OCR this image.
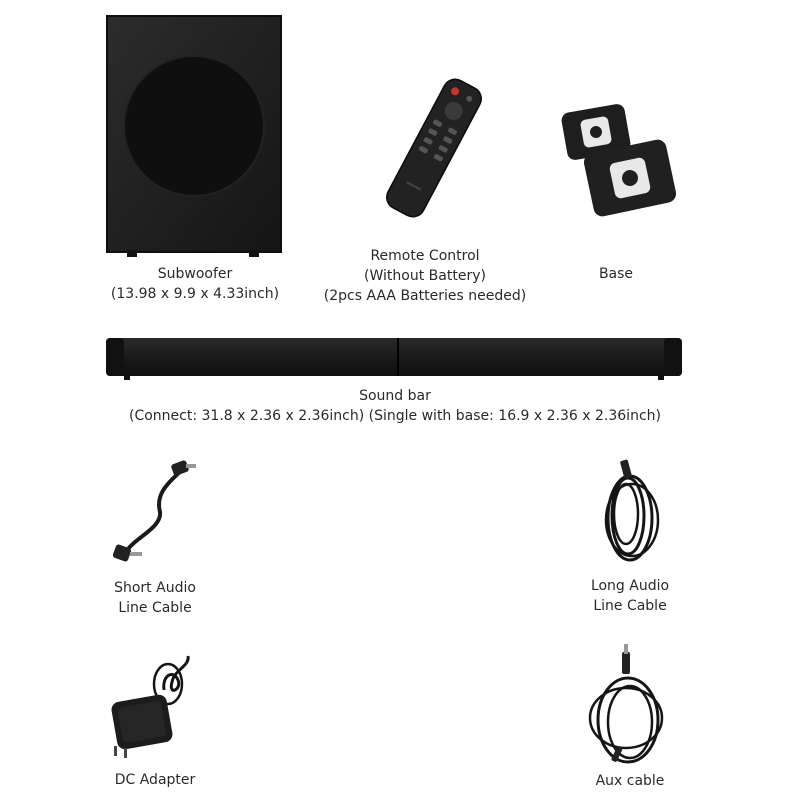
Subwoofer
(13.98 x 9.9 x 4.33inch)
Remote Control
(Without Battery)
(2pcs AAA Batteries needed)
Base
Sound bar
(Connect: 31.8 x 2.36 x 2.36inch) (Single with base: 16.9 x 2.36 x 2.36inch)
Short Audio
Line Cable
Long Audio
Line Cable
DC Adapter	Aux cable
